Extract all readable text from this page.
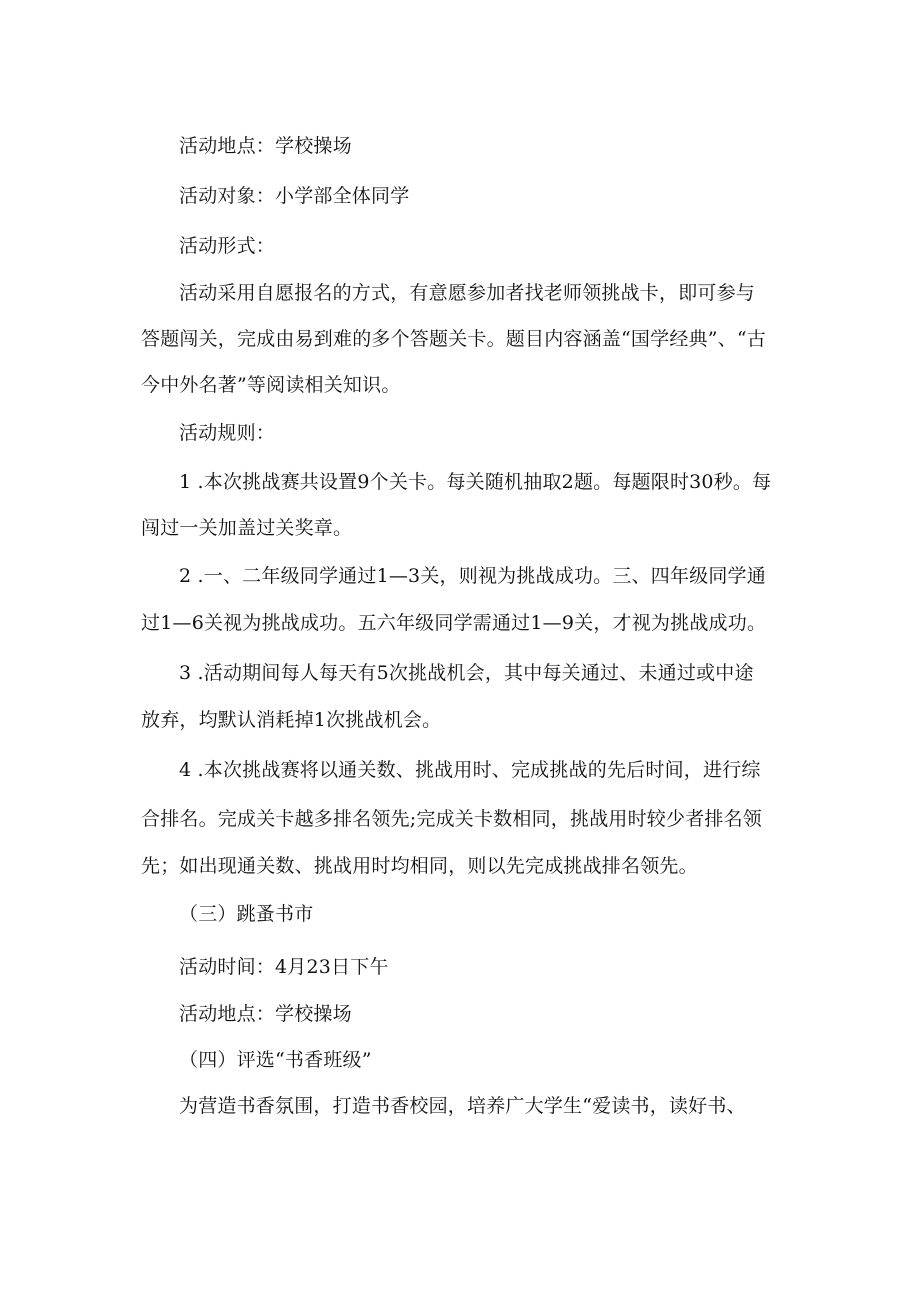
活动地点：学校操场
活动对象：小学部全体同学
活动形式：
活动采用自愿报名的方式，有意愿参加者找老师领挑战卡，即可参与
答题闯关，完成由易到难的多个答题关卡。题目内容涵盖“国学经典”、“古
今中外名著”等阅读相关知识。
活动规则：
1 .本次挑战赛共设置9个关卡。每关随机抽取2题。每题限时30秒。每
闯过一关加盖过关奖章。
2 .一、二年级同学通过1—3关，则视为挑战成功。三、四年级同学通
过1—6关视为挑战成功。五六年级同学需通过1—9关，才视为挑战成功。
3 .活动期间每人每天有5次挑战机会，其中每关通过、未通过或中途
放弃，均默认消耗掉1次挑战机会。
4 .本次挑战赛将以通关数、挑战用时、完成挑战的先后时间，进行综
合排名。完成关卡越多排名领先;完成关卡数相同，挑战用时较少者排名领
先；如出现通关数、挑战用时均相同，则以先完成挑战排名领先。
（三）跳蚤书市
活动时间：4月23日下午
活动地点：学校操场
（四）评选“书香班级”
为营造书香氛围，打造书香校园，培养广大学生“爱读书，读好书、
